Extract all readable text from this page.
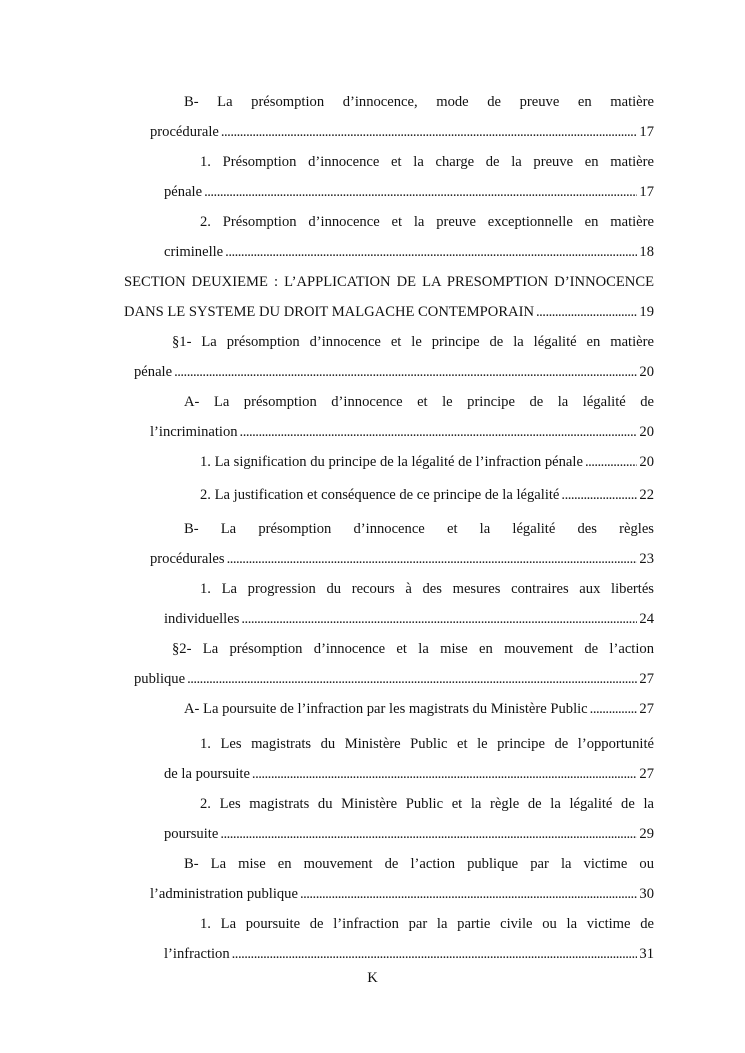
B- La présomption d’innocence, mode de preuve en matière
procédurale .....	17
1. Présomption d’innocence et la charge de la preuve en matière
pénale .....	17
2. Présomption d’innocence et la preuve exceptionnelle en matière
criminelle .....	18
SECTION DEUXIEME : L’APPLICATION DE LA PRESOMPTION D’INNOCENCE
DANS LE SYSTEME DU DROIT MALGACHE CONTEMPORAIN .....	19
§1- La présomption d’innocence et le principe de la légalité en matière
pénale .....	20
A- La présomption d’innocence et le principe de la légalité de
l’incrimination .....	20
1. La signification du principe de la légalité de l’infraction pénale .....	20
2. La justification et conséquence de ce principe de la légalité .....	22
B- La présomption d’innocence et la légalité des règles
procédurales .....	23
1. La progression du recours à des mesures contraires aux libertés
individuelles .....	24
§2- La présomption d’innocence et la mise en mouvement de l’action
publique .....	27
A- La poursuite de l’infraction par les magistrats du Ministère Public .....	27
1. Les magistrats du Ministère Public et le principe de l’opportunité
de la poursuite .....	27
2. Les magistrats du Ministère Public et la règle de la légalité de la
poursuite .....	29
B- La mise en mouvement de l’action publique par la victime ou
l’administration publique .....	30
1. La poursuite de l’infraction par la partie civile ou la victime de
l’infraction .....	31
K
